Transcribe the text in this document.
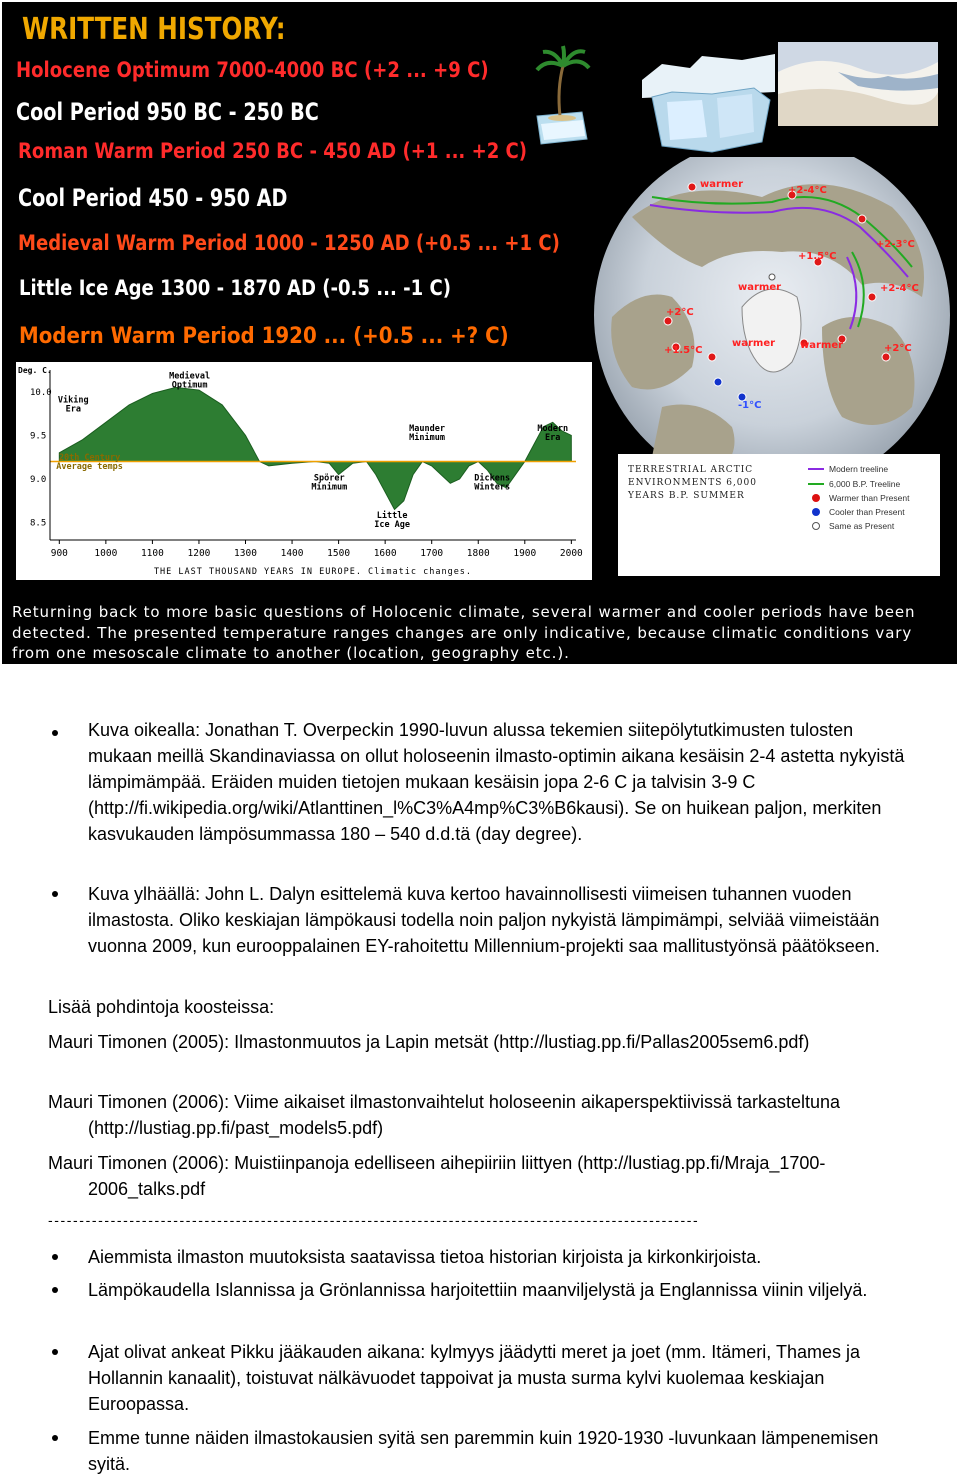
WRITTEN HISTORY:
Holocene Optimum 7000-4000 BC (+2 ... +9 C)
Cool Period 950 BC - 250 BC
Roman Warm Period 250 BC - 450 AD (+1 ... +2 C)
Cool Period 450 - 950 AD
Medieval Warm Period 1000 - 1250 AD (+0.5 ... +1 C)
Little Ice Age 1300 - 1870 AD (-0.5 ... -1 C)
Modern Warm Period 1920 ... (+0.5 ... +? C)
warmer
+2-4°C
+2-3°C
+1.5°C
+2-4°C
warmer
+2°C
+1.5°C
warmer warmer	+2°C
-1°C
TERRESTRIAL ARCTIC ENVIRONMENTS 6,000 YEARS B.P. SUMMER
Modern treeline
6,000 B.P. Treeline
Warmer than Present
Cooler than Present
Same as Present
Deg. C.
10.0
9.5
9.0
8.5
900	1000 1100 1200 1300 1400 1500 1600 1700 1800 1900 2000
THE LAST THOUSAND YEARS IN EUROPE. Climatic changes.
Medieval Optimum
Viking Era
Maunder Minimum
Modern Era
20th Century Average temps
Spörer Minimum
Dickens Winters
Little Ice Age
Returning back to more basic questions of Holocenic climate, several warmer and cooler periods have been detected. The presented temperature ranges changes are only indicative, because climatic conditions vary from one mesoscale climate to another (location, geography etc.).
Kuva oikealla: Jonathan T. Overpeckin 1990-luvun alussa tekemien siitepölytutkimusten tulosten mukaan meillä Skandinaviassa on ollut holoseenin ilmasto-optimin aikana kesäisin 2-4 astetta nykyistä lämpimämpää. Eräiden muiden tietojen mukaan kesäisin jopa 2-6 C ja talvisin 3-9 C (http://fi.wikipedia.org/wiki/Atlanttinen_l%C3%A4mp%C3%B6kausi). Se on huikean paljon, merkiten kasvukauden lämpösummassa 180 – 540 d.d.tä (day degree).
Kuva ylhäällä: John L. Dalyn esittelemä kuva kertoo havainnollisesti viimeisen tuhannen vuoden ilmastosta. Oliko keskiajan lämpökausi todella noin paljon nykyistä lämpimämpi, selviää viimeistään vuonna 2009, kun eurooppalainen EY-rahoitettu Millennium-projekti saa mallitustyönsä päätökseen.
Lisää pohdintoja koosteissa:
Mauri Timonen (2005): Ilmastonmuutos ja Lapin metsät (http://lustiag.pp.fi/Pallas2005sem6.pdf)
Mauri Timonen (2006): Viime aikaiset ilmastonvaihtelut holoseenin aikaperspektiivissä tarkasteltuna (http://lustiag.pp.fi/past_models5.pdf)
Mauri Timonen (2006): Muistiinpanoja edelliseen aihepiiriin liittyen (http://lustiag.pp.fi/Mraja_1700-2006_talks.pdf
--------------------------------------------------------------------------------------------------------
Aiemmista ilmaston muutoksista saatavissa tietoa historian kirjoista ja kirkonkirjoista.
Lämpökaudella Islannissa ja Grönlannissa harjoitettiin maanviljelystä ja Englannissa viinin viljelyä.
Ajat olivat ankeat Pikku jääkauden aikana: kylmyys jäädytti meret ja joet (mm. Itämeri, Thames ja Hollannin kanaalit), toistuvat nälkävuodet tappoivat ja musta surma kylvi kuolemaa keskiajan Euroopassa.
Emme tunne näiden ilmastokausien syitä sen paremmin kuin 1920-1930 -luvunkaan lämpenemisen syitä.
